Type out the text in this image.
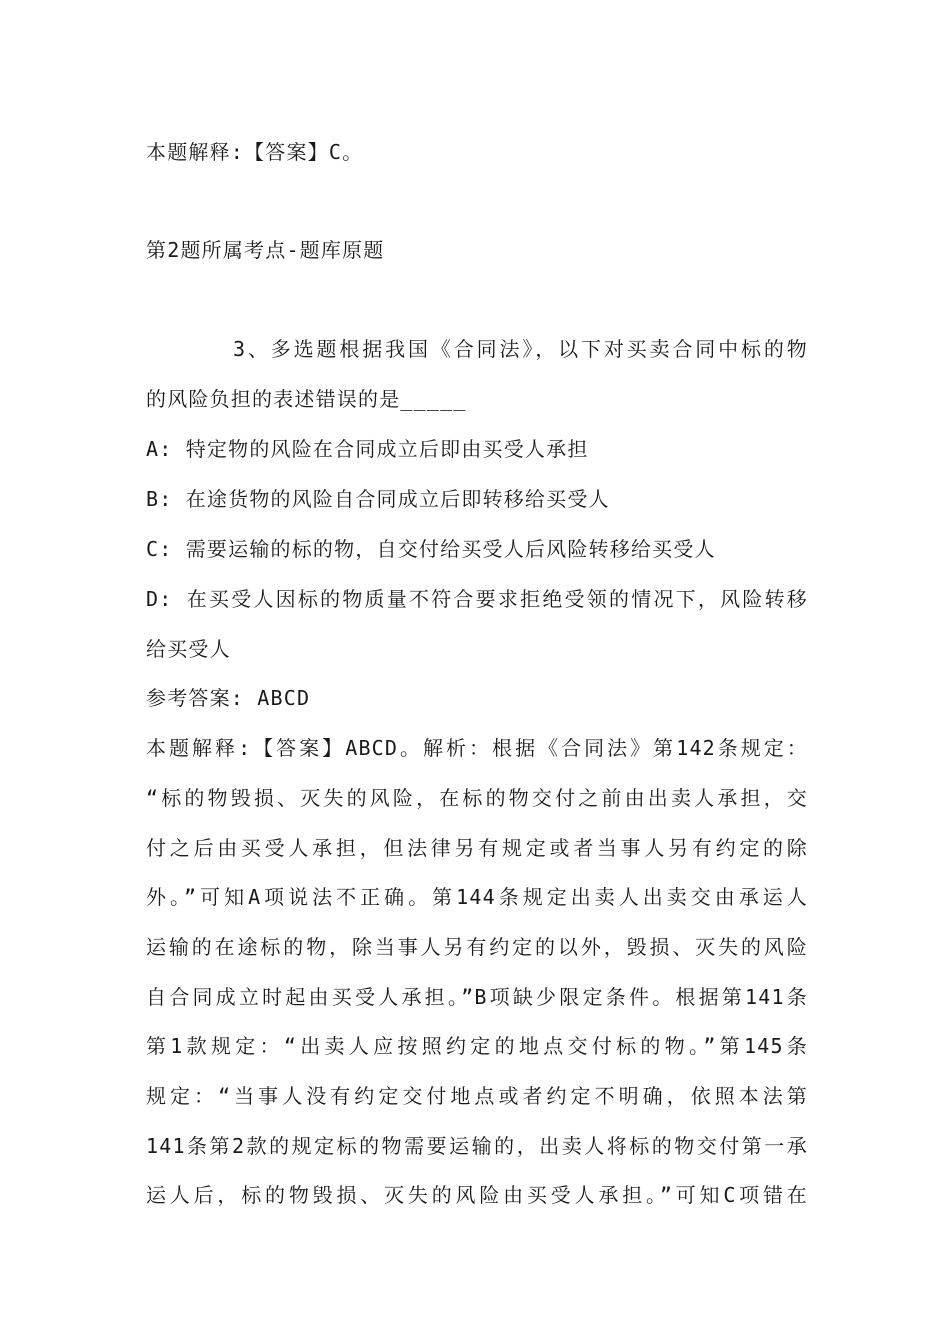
本题解释:【答案】C。
第2题所属考点-题库原题
3、多选题根据我国《合同法》，以下对买卖合同中标的物
的风险负担的表述错误的是_____
A: 特定物的风险在合同成立后即由买受人承担
B: 在途货物的风险自合同成立后即转移给买受人
C: 需要运输的标的物，自交付给买受人后风险转移给买受人
D: 在买受人因标的物质量不符合要求拒绝受领的情况下，风险转移
给买受人
参考答案: ABCD
本题解释:【答案】ABCD。解析：根据《合同法》第142条规定：
“标的物毁损、灭失的风险，在标的物交付之前由出卖人承担，交
付之后由买受人承担，但法律另有规定或者当事人另有约定的除
外。”可知A项说法不正确。第144条规定出卖人出卖交由承运人
运输的在途标的物，除当事人另有约定的以外，毁损、灭失的风险
自合同成立时起由买受人承担。”B项缺少限定条件。根据第141条
第1款规定：“出卖人应按照约定的地点交付标的物。”第145条
规定：“当事人没有约定交付地点或者约定不明确，依照本法第
141条第2款的规定标的物需要运输的，出卖人将标的物交付第一承
运人后，标的物毁损、灭失的风险由买受人承担。”可知C项错在
